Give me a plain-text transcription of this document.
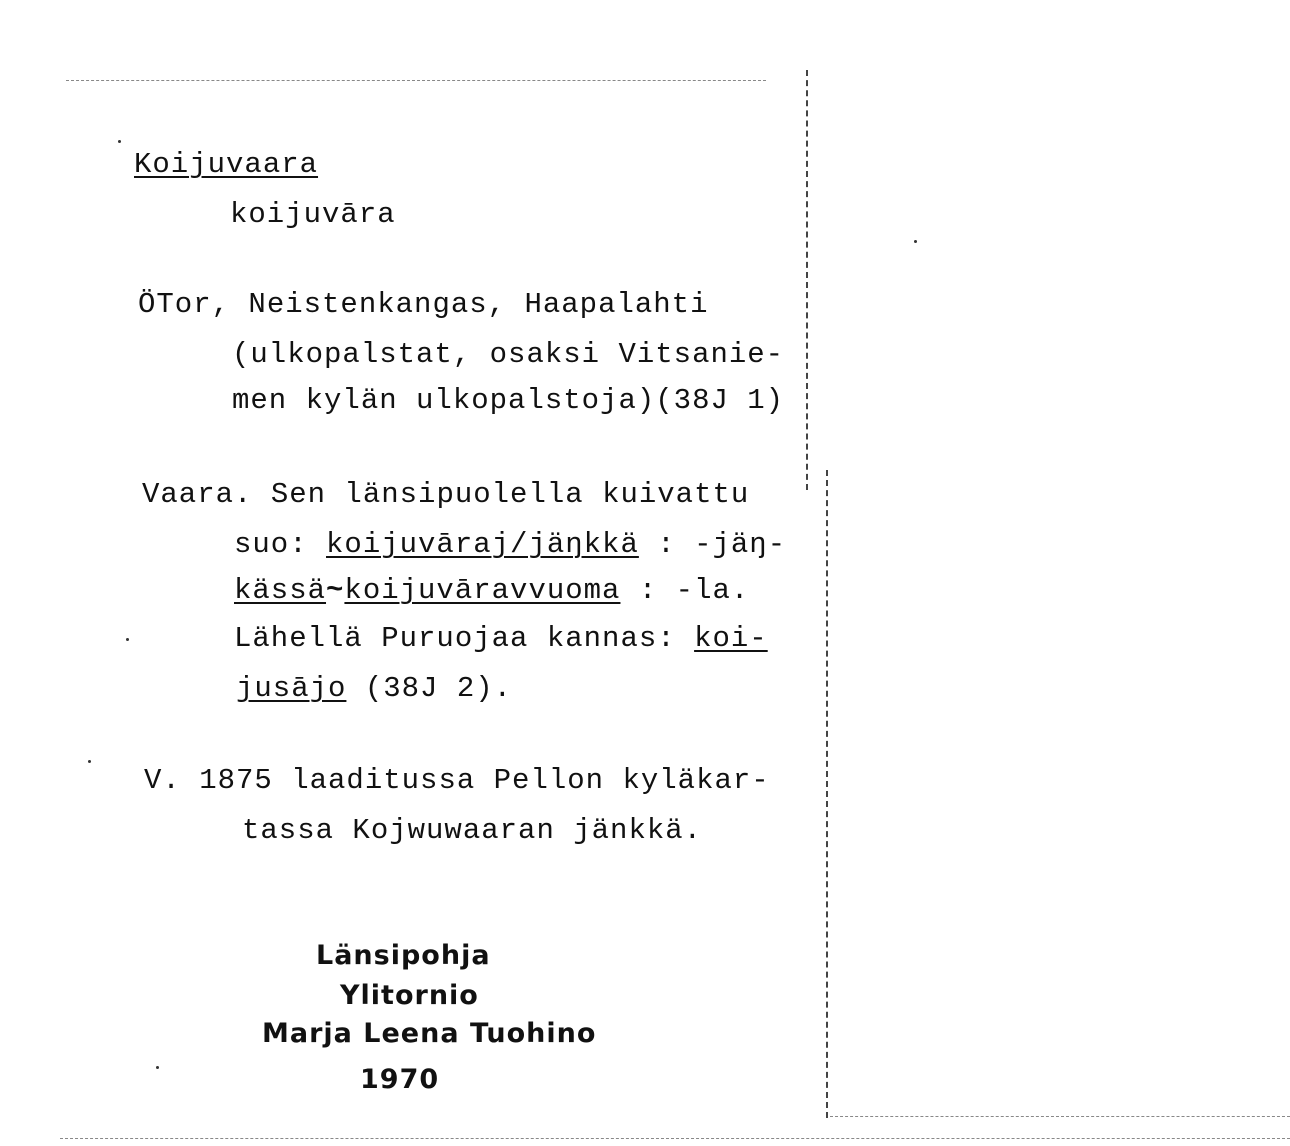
Koijuvaara
koijuvāra
ÖTor, Neistenkangas, Haapalahti
(ulkopalstat, osaksi Vitsanie-
men kylän ulkopalstoja)(38J 1)
Vaara. Sen länsipuolella kuivattu
suo: koijuvāraj/jäŋkkä : -jäŋ-
kässä~koijuvāravvuoma : -la.
Lähellä Puruojaa kannas: koi-
jusājo (38J 2).
V. 1875 laaditussa Pellon kyläkar-
tassa Kojwuwaaran jänkkä.
Länsipohja
Ylitornio
Marja Leena Tuohino
1970
